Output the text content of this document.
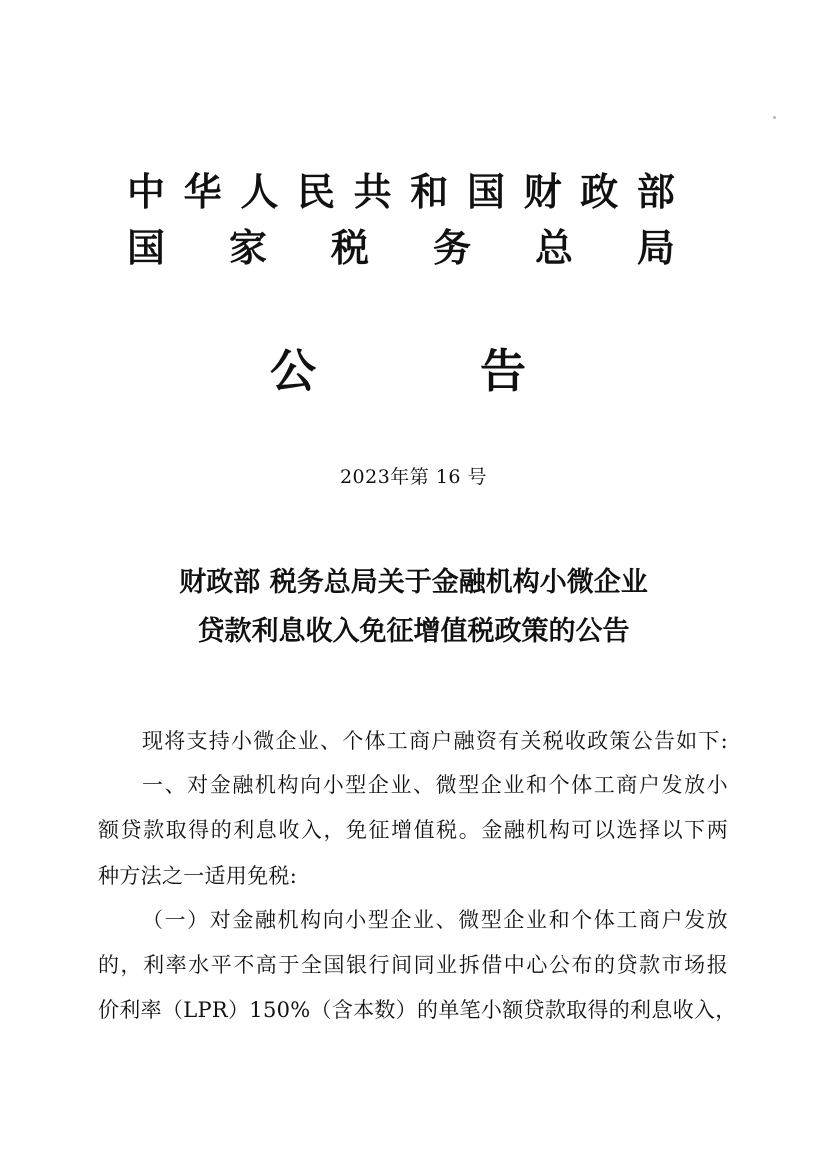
中 华 人 民 共 和 国 财 政 部
国 家 税 务 总 局
公	告
2023年第 16 号
财政部 税务总局关于金融机构小微企业
贷款利息收入免征增值税政策的公告
现将支持小微企业、个体工商户融资有关税收政策公告如下:
一、对金融机构向小型企业、微型企业和个体工商户发放小
额贷款取得的利息收入，免征增值税。金融机构可以选择以下两
种方法之一适用免税:
（一）对金融机构向小型企业、微型企业和个体工商户发放
的，利率水平不高于全国银行间同业拆借中心公布的贷款市场报
价利率（LPR）150%（含本数）的单笔小额贷款取得的利息收入，
